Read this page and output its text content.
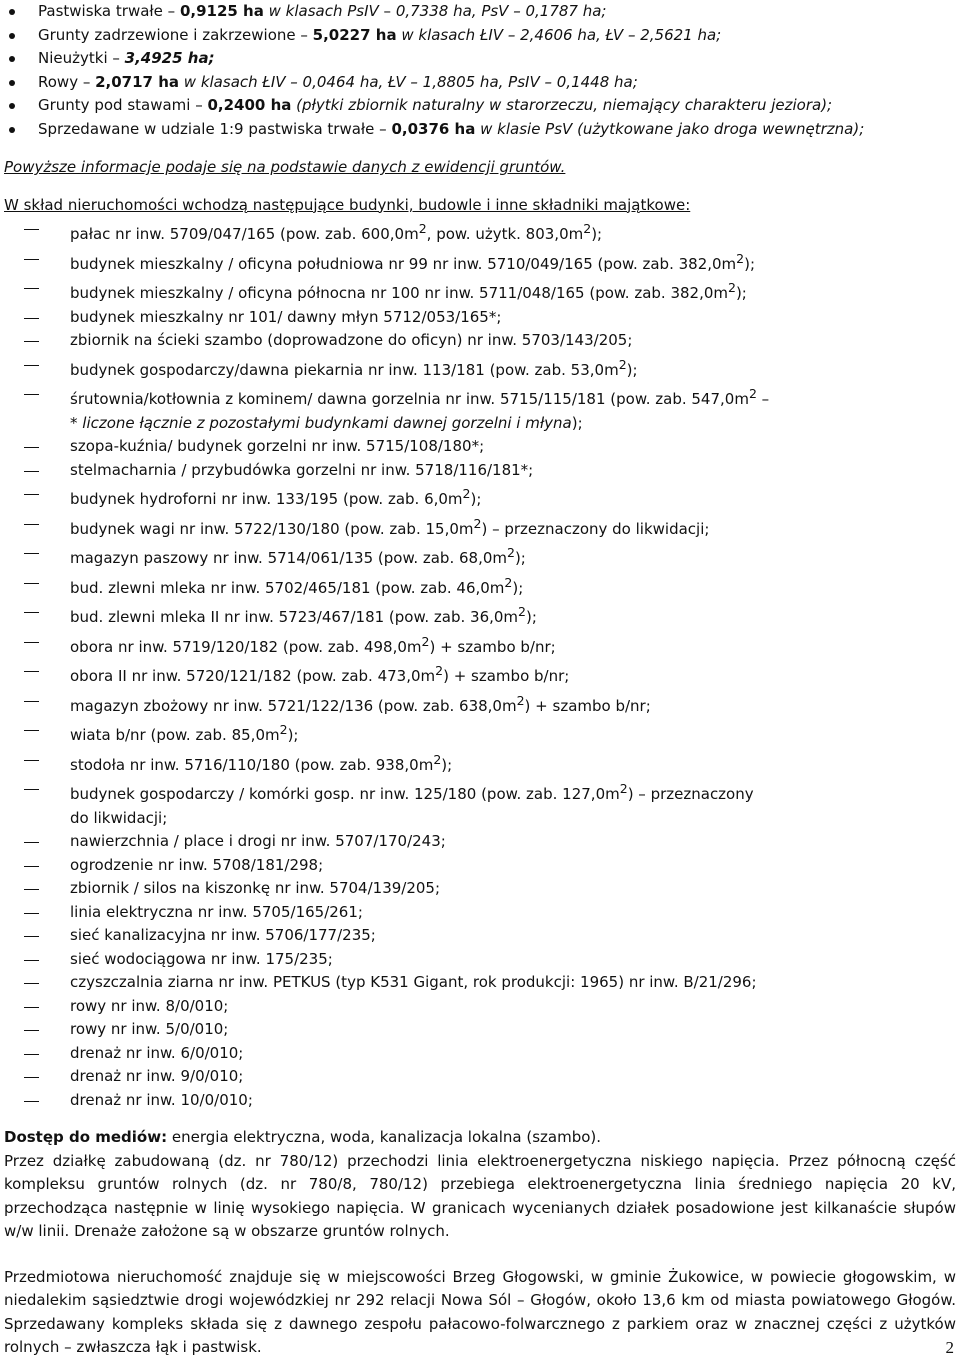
Pastwiska trwałe – 0,9125 ha w klasach PsIV – 0,7338 ha, PsV – 0,1787 ha;
Grunty zadrzewione i zakrzewione – 5,0227 ha w klasach ŁIV – 2,4606 ha, ŁV – 2,5621 ha;
Nieużytki – 3,4925 ha;
Rowy – 2,0717 ha w klasach ŁIV – 0,0464 ha, ŁV – 1,8805 ha, PsIV – 0,1448 ha;
Grunty pod stawami – 0,2400 ha (płytki zbiornik naturalny w starorzeczu, niemający charakteru jeziora);
Sprzedawane w udziale 1:9 pastwiska trwałe – 0,0376 ha w klasie PsV (użytkowane jako droga wewnętrzna);

Powyższe informacje podaje się na podstawie danych z ewidencji gruntów.

W skład nieruchomości wchodzą następujące budynki, budowle i inne składniki majątkowe:

pałac nr inw. 5709/047/165 (pow. zab. $600,0m^2$, pow. użytk. $803,0m^2$);
budynek mieszkalny / oficyna południowa nr 99 nr inw. 5710/049/165 (pow. zab. $382,0m^2$);
budynek mieszkalny / oficyna północna nr 100 nr inw. 5711/048/165 (pow. zab. $382,0m^2$);
budynek mieszkalny nr 101/ dawny młyn 5712/053/165*;
zbiornik na ścieki szambo (doprowadzone do oficyn) nr inw. 5703/143/205;
budynek gospodarczy/dawna piekarnia nr inw. 113/181 (pow. zab. $53,0m^2$);
śrutownia/kotłownia z kominem/ dawna gorzelnia nr inw. 5715/115/181 (pow. zab. $547,0m^2$ –
* liczone łącznie z pozostałymi budynkami dawnej gorzelni i młyna);
szopa-kuźnia/ budynek gorzelni nr inw. 5715/108/180*;
stelmacharnia / przybudówka gorzelni nr inw. 5718/116/181*;
budynek hydroforni nr inw. 133/195 (pow. zab. $6,0m^2$);
budynek wagi nr inw. 5722/130/180 (pow. zab. $15,0m^2$) – przeznaczony do likwidacji;
magazyn paszowy nr inw. 5714/061/135 (pow. zab. $68,0m^2$);
bud. zlewni mleka nr inw. 5702/465/181 (pow. zab. $46,0m^2$);
bud. zlewni mleka II nr inw. 5723/467/181 (pow. zab. $36,0m^2$);
obora nr inw. 5719/120/182 (pow. zab. $498,0m^2$) + szambo b/nr;
obora II nr inw. 5720/121/182 (pow. zab. $473,0m^2$) + szambo b/nr;
magazyn zbożowy nr inw. 5721/122/136 (pow. zab. $638,0m^2$) + szambo b/nr;
wiata b/nr (pow. zab. $85,0m^2$);
stodoła nr inw. 5716/110/180 (pow. zab. $938,0m^2$);
budynek gospodarczy / komórki gosp. nr inw. 125/180 (pow. zab. $127,0m^2$) – przeznaczony
do likwidacji;
nawierzchnia / place i drogi nr inw. 5707/170/243;
ogrodzenie nr inw. 5708/181/298;
zbiornik / silos na kiszonkę nr inw. 5704/139/205;
linia elektryczna nr inw. 5705/165/261;
sieć kanalizacyjna nr inw. 5706/177/235;
sieć wodociągowa nr inw. 175/235;
czyszczalnia ziarna nr inw. PETKUS (typ K531 Gigant, rok produkcji: 1965) nr inw. B/21/296;
rowy nr inw. 8/0/010;
rowy nr inw. 5/0/010;
drenaż nr inw. 6/0/010;
drenaż nr inw. 9/0/010;
drenaż nr inw. 10/0/010;

Dostęp do mediów: energia elektryczna, woda, kanalizacja lokalna (szambo).

Przez działkę zabudowaną (dz. nr 780/12) przechodzi linia elektroenergetyczna niskiego napięcia. Przez północną część kompleksu gruntów rolnych (dz. nr 780/8, 780/12) przebiega elektroenergetyczna linia średniego napięcia 20 kV, przechodząca następnie w linię wysokiego napięcia. W granicach wycenianych działek posadowione jest kilkanaście słupów w/w linii. Drenaże założone są w obszarze gruntów rolnych.

Przedmiotowa nieruchomość znajduje się w miejscowości Brzeg Głogowski, w gminie Żukowice, w powiecie głogowskim, w niedalekim sąsiedztwie drogi wojewódzkiej nr 292 relacji Nowa Sól – Głogów, około 13,6 km od miasta powiatowego Głogów. Sprzedawany kompleks składa się z dawnego zespołu pałacowo-folwarcznego z parkiem oraz w znacznej części z użytków rolnych – zwłaszcza łąk i pastwisk.	2
